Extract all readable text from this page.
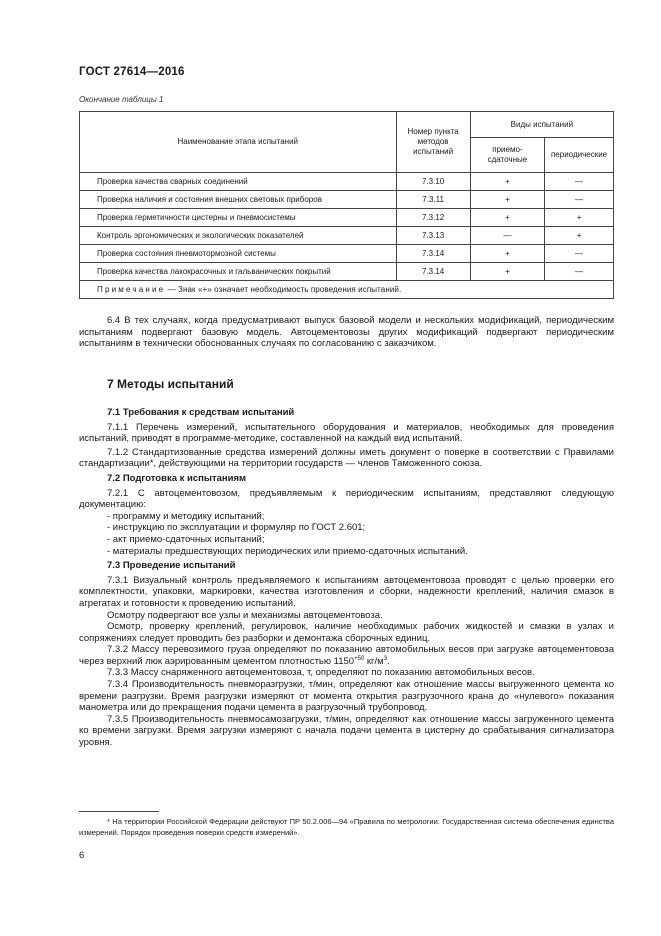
ГОСТ 27614—2016
Окончание таблицы 1
Наименование этапа испытаний	Номер пункта методов испытаний	Виды испытаний	
		приемо-сдаточные	периодические
Проверка качества сварных соединений	7.3.10	+	—
Проверка наличия и состояния внешних световых приборов	7.3.11	+	—
Проверка герметичности цистерны и пневмосистемы	7.3.12	+	+
Контроль эргономических и экологических показателей	7.3.13	—	+
Проверка состояния пневмотормозной системы	7.3.14	+	—
Проверка качества лакокрасочных и гальванических покрытий	7.3.14	+	—
Примечание — Знак «+» означает необходимость проведения испытаний.			

6.4 В тех случаях, когда предусматривают выпуск базовой модели и нескольких модификаций, периодическим испытаниям подвергают базовую модель. Автоцементовозы других модификаций подвергают периодическим испытаниям в технически обоснованных случаях по согласованию с заказчиком.

7 Методы испытаний

7.1 Требования к средствам испытаний

7.1.1 Перечень измерений, испытательного оборудования и материалов, необходимых для проведения испытаний, приводят в программе-методике, составленной на каждый вид испытаний.

7.1.2 Стандартизованные средства измерений должны иметь документ о поверке в соответствии с Правилами стандартизации*, действующими на территории государств — членов Таможенного союза.

7.2 Подготовка к испытаниям

7.2.1 С автоцементовозом, предъявляемым к периодическим испытаниям, представляют следующую документацию:

- программу и методику испытаний;

- инструкцию по эксплуатации и формуляр по ГОСТ 2.601;

- акт приемо-сдаточных испытаний;

- материалы предшествующих периодических или приемо-сдаточных испытаний.

7.3 Проведение испытаний

7.3.1 Визуальный контроль предъявляемого к испытаниям автоцементовоза проводят с целью проверки его комплектности, упаковки, маркировки, качества изготовления и сборки, надежности креплений, наличия смазок в агрегатах и готовности к проведению испытаний.

Осмотру подвергают все узлы и механизмы автоцементовоза.

Осмотр, проверку креплений, регулировок, наличие необходимых рабочих жидкостей и смазки в узлах и сопряжениях следует проводить без разборки и демонтажа сборочных единиц.

7.3.2 Массу перевозимого груза определяют по показанию автомобильных весов при загрузке автоцементовоза через верхний люк аэрированным цементом плотностью $1150^{+50}$ $кг/м^3$.

7.3.3 Массу снаряженного автоцементовоза, т, определяют по показанию автомобильных весов.

7.3.4 Производительность пневморазгрузки, т/мин, определяют как отношение массы выгруженного цемента ко времени разгрузки. Время разгрузки измеряют от момента открытия разгрузочного крана до «нулевого» показания манометра или до прекращения подачи цемента в разгрузочный трубопровод.

7.3.5 Производительность пневмосамозагрузки, т/мин, определяют как отношение массы загруженного цемента ко времени загрузки. Время загрузки измеряют с начала подачи цемента в цистерну до срабатывания сигнализатора уровня.

* На территории Российской Федерации действуют ПР 50.2.006—94 «Правила по метрологии. Государственная система обеспечения единства измерений. Порядок проведения поверки средств измерений».

6
